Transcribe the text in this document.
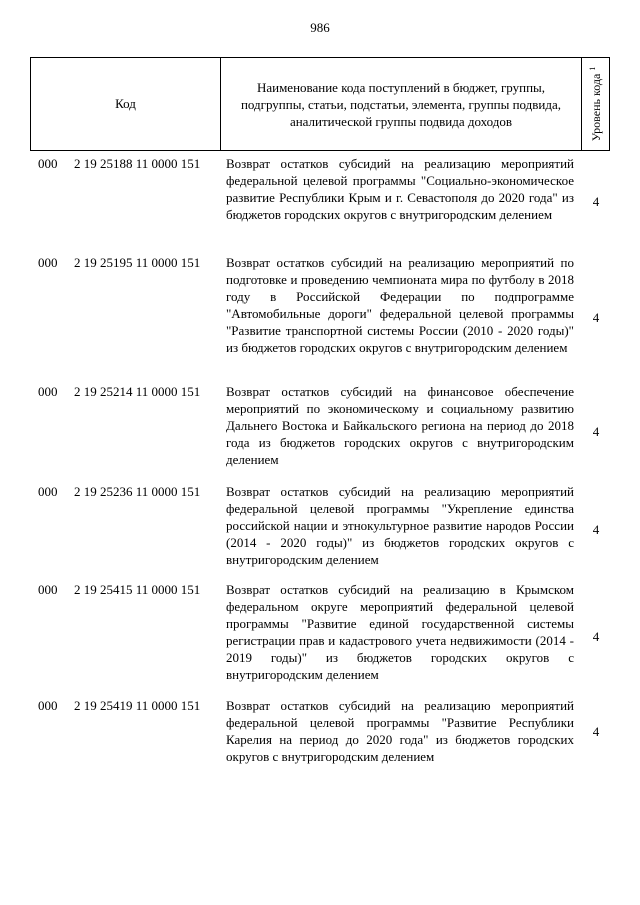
986
Код
Наименование кода поступлений в бюджет, группы, подгруппы, статьи, подстатьи, элемента, группы подвида, аналитической группы подвида доходов	Уровень кода $^1$
000 2 19 25188 11 0000 151 Возврат остатков субсидий на реализацию мероприятий федеральной целевой программы "Социально-экономическое развитие Республики Крым и г. Севастополя до 2020 года" из бюджетов городских округов с внутригородским делением
4
000 2 19 25195 11 0000 151 Возврат остатков субсидий на реализацию мероприятий по подготовке и проведению чемпионата мира по футболу в 2018 году в Российской Федерации по подпрограмме "Автомобильные дороги" федеральной целевой программы "Развитие транспортной системы России (2010 - 2020 годы)" из бюджетов городских округов с внутригородским делением
4
000 2 19 25214 11 0000 151 Возврат остатков субсидий на финансовое обеспечение мероприятий по экономическому и социальному развитию Дальнего Востока и Байкальского региона на период до 2018 года из бюджетов городских округов с внутригородским делением
4
000 2 19 25236 11 0000 151 Возврат остатков субсидий на реализацию мероприятий федеральной целевой программы "Укрепление единства российской нации и этнокультурное развитие народов России (2014 - 2020 годы)" из бюджетов городских округов с внутригородским делением
4
000 2 19 25415 11 0000 151 Возврат остатков субсидий на реализацию в Крымском федеральном округе мероприятий федеральной целевой программы "Развитие единой государственной системы регистрации прав и кадастрового учета недвижимости (2014 - 2019 годы)" из бюджетов городских округов с внутригородским делением
4
000 2 19 25419 11 0000 151 Возврат остатков субсидий на реализацию мероприятий федеральной целевой программы "Развитие Республики Карелия на период до 2020 года" из бюджетов городских округов с внутригородским делением
4
